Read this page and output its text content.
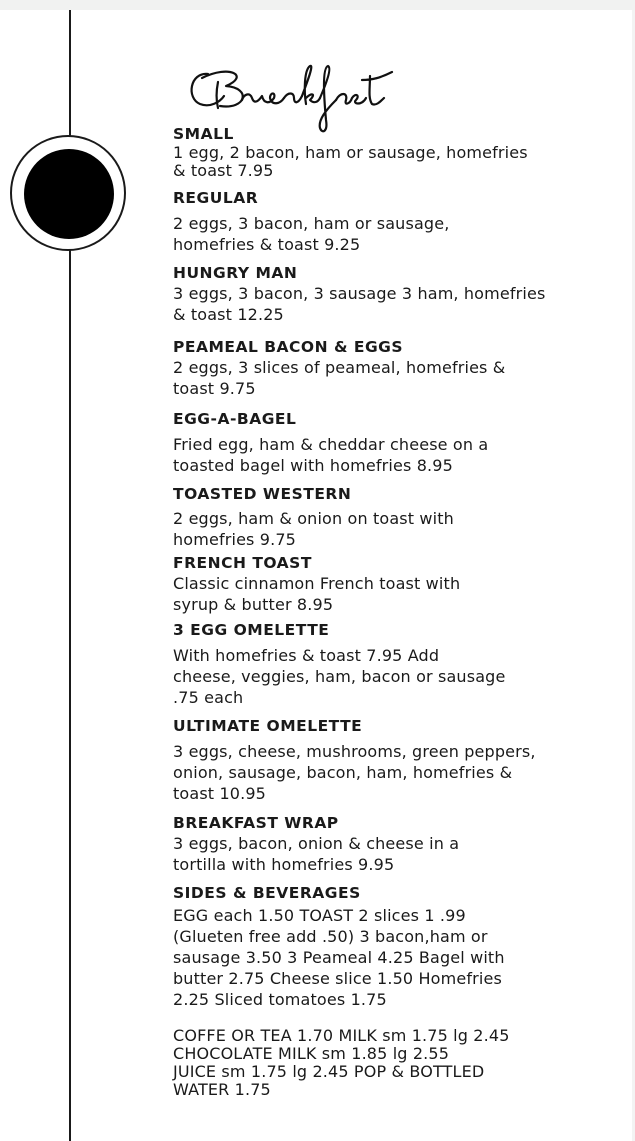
SMALL
1 egg, 2 bacon, ham or sausage, homefries
& toast 7.95
REGULAR
2 eggs, 3 bacon, ham or sausage,
homefries & toast 9.25
HUNGRY MAN
3 eggs, 3 bacon, 3 sausage 3 ham, homefries
& toast 12.25
PEAMEAL BACON & EGGS
2 eggs, 3 slices of peameal, homefries &
toast 9.75
EGG-A-BAGEL
Fried egg, ham & cheddar cheese on a
toasted bagel with homefries 8.95
TOASTED WESTERN
2 eggs, ham & onion on toast with
homefries 9.75
FRENCH TOAST
Classic cinnamon French toast with
syrup & butter 8.95
3 EGG OMELETTE
With homefries & toast 7.95 Add
cheese, veggies, ham, bacon or sausage
.75 each
ULTIMATE OMELETTE
3 eggs, cheese, mushrooms, green peppers,
onion, sausage, bacon, ham, homefries &
toast 10.95
BREAKFAST WRAP
3 eggs, bacon, onion & cheese in a
tortilla with homefries 9.95
SIDES & BEVERAGES
EGG each 1.50 TOAST 2 slices 1 .99
(Glueten free add .50) 3 bacon,ham or
sausage 3.50 3 Peameal 4.25 Bagel with
butter 2.75 Cheese slice 1.50 Homefries
2.25 Sliced tomatoes 1.75
COFFE OR TEA 1.70 MILK sm 1.75 lg 2.45
CHOCOLATE MILK sm 1.85 lg 2.55
JUICE sm 1.75 lg 2.45 POP & BOTTLED
WATER 1.75
